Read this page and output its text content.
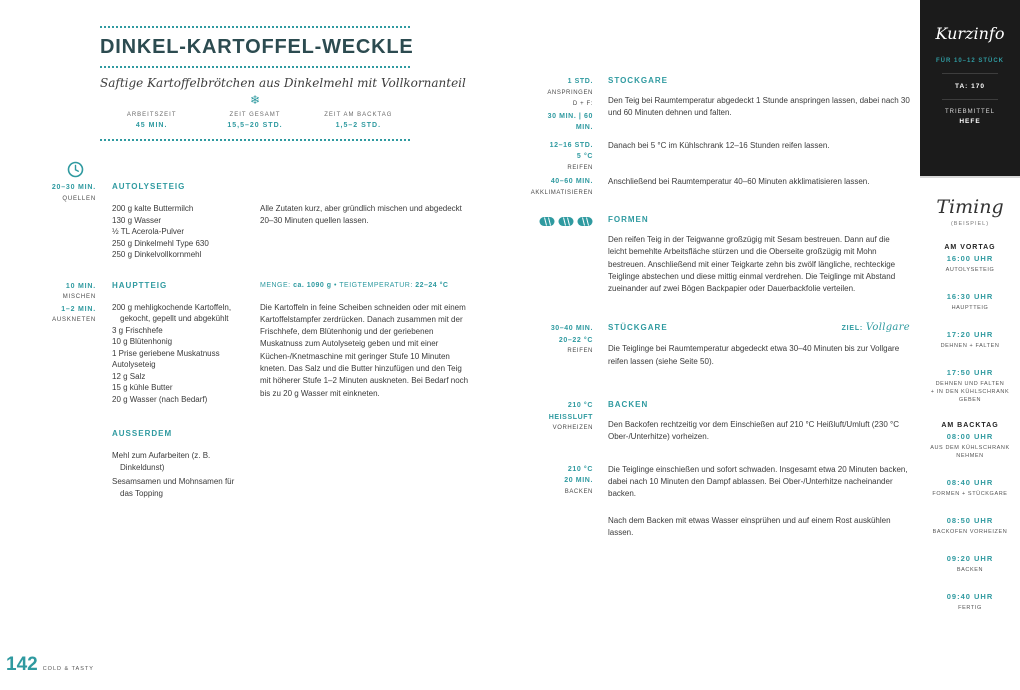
DINKEL-KARTOFFEL-WECKLE
Saftige Kartoffelbrötchen aus Dinkelmehl mit Vollkornanteil
❄
ARBEITSZEIT
45 MIN.
ZEIT GESAMT
15,5–20 STD.
ZEIT AM BACKTAG
1,5–2 STD.
20–30 MIN.
QUELLEN
AUTOLYSETEIG
200 g kalte Buttermilch
130 g Wasser
½ TL Acerola-Pulver
250 g Dinkelmehl Type 630
250 g Dinkelvollkornmehl

Alle Zutaten kurz, aber gründlich mischen und abgedeckt 20–30 Minuten quellen lassen.

10 MIN.
MISCHEN
1–2 MIN.
AUSKNETEN
HAUPTTEIG
200 g mehligkochende Kartoffeln, gekocht, gepellt und abgekühlt
3 g Frischhefe
10 g Blütenhonig
1 Prise geriebene Muskatnuss
Autolyseteig
12 g Salz
15 g kühle Butter
20 g Wasser (nach Bedarf)
MENGE: ca. 1090 g • TEIGTEMPERATUR: 22–24 °C

Die Kartoffeln in feine Scheiben schneiden oder mit einem Kartoffelstampfer zerdrücken. Danach zusammen mit der Frischhefe, dem Blütenhonig und der geriebenen Muskatnuss zum Autolyseteig geben und mit einer Küchen-/Knetmaschine mit geringer Stufe 10 Minuten kneten. Das Salz und die Butter hinzufügen und den Teig mit höherer Stufe 1–2 Minuten auskneten. Bei Bedarf noch bis zu 20 g Wasser mit einkneten.

AUSSERDEM
Mehl zum Aufarbeiten (z. B. Dinkeldunst)
Sesamsamen und Mohnsamen für das Topping
1 STD.
ANSPRINGEN
D + F:
30 MIN. | 60 MIN.
STOCKGARE

Den Teig bei Raumtemperatur abgedeckt 1 Stunde anspringen lassen, dabei nach 30 und 60 Minuten dehnen und falten.

12–16 STD.
5 °C
REIFEN

Danach bei 5 °C im Kühlschrank 12–16 Stunden reifen lassen.

40–60 MIN.
AKKLIMATISIEREN

Anschließend bei Raumtemperatur 40–60 Minuten akklimatisieren lassen.

FORMEN

Den reifen Teig in der Teigwanne großzügig mit Sesam bestreuen. Dann auf die leicht bemehlte Arbeitsfläche stürzen und die Oberseite großzügig mit Mohn bestreuen. Anschließend mit einer Teigkarte zehn bis zwölf längliche, rechteckige Teiglinge abstechen und diese mittig einmal verdrehen. Die Teiglinge mit Abstand zueinander auf zwei Bögen Backpapier oder Dauerbackfolie verteilen.

30–40 MIN.
20–22 °C
REIFEN
STÜCKGARE	ZIEL: Vollgare

Die Teiglinge bei Raumtemperatur abgedeckt etwa 30–40 Minuten bis zur Vollgare reifen lassen (siehe Seite 50).

210 °C
HEISSLUFT
VORHEIZEN
BACKEN

Den Backofen rechtzeitig vor dem Einschießen auf 210 °C Heißluft/Umluft (230 °C Ober-/Unterhitze) vorheizen.

210 °C
20 MIN.
BACKEN

Die Teiglinge einschießen und sofort schwaden. Insgesamt etwa 20 Minuten backen, dabei nach 10 Minuten den Dampf ablassen. Bei Ober-/Unterhitze nacheinander backen.

Nach dem Backen mit etwas Wasser einsprühen und auf einem Rost auskühlen lassen.

Kurzinfo
FÜR 10–12 STÜCK
TA: 170
TRIEBMITTEL
HEFE
Timing
(BEISPIEL)
AM VORTAG
16:00 UHR
AUTOLYSETEIG
16:30 UHR
HAUPTTEIG
17:20 UHR
DEHNEN + FALTEN
17:50 UHR
DEHNEN UND FALTEN
+ IN DEN KÜHLSCHRANK GEBEN
AM BACKTAG
08:00 UHR
AUS DEM KÜHLSCHRANK NEHMEN
08:40 UHR
FORMEN + STÜCKGARE
08:50 UHR
BACKOFEN VORHEIZEN
09:20 UHR
BACKEN
09:40 UHR
FERTIG
142 COLD & TASTY
